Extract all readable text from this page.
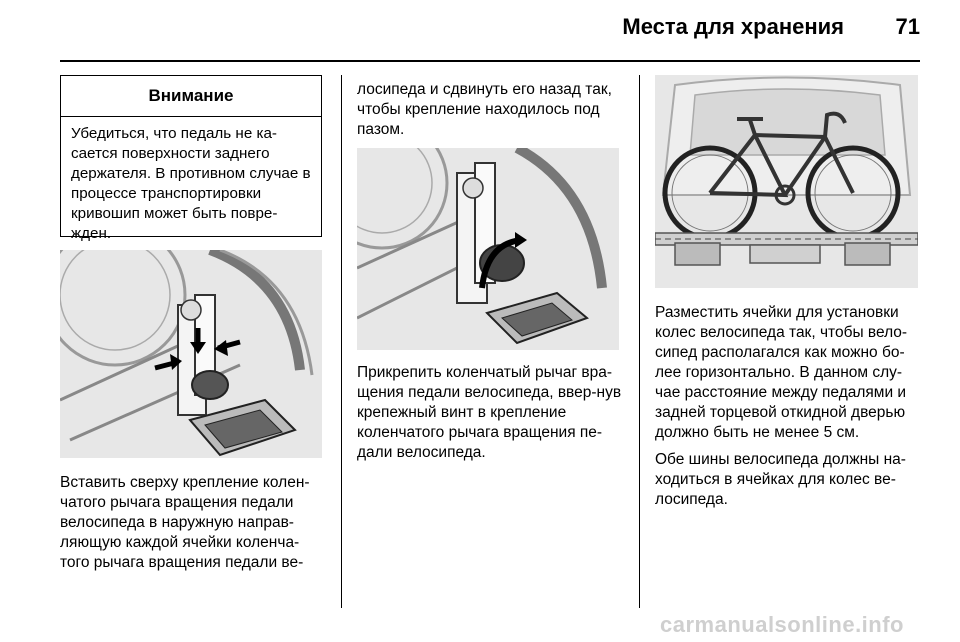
Места для хранения	71
Внимание
Убедиться, что педаль не ка-сается поверхности заднего держателя. В противном случае в процессе транспортировки кривошип может быть повре-жден.
Вставить сверху крепление колен-чатого рычага вращения педали велосипеда в наружную направ-ляющую каждой ячейки коленча-того рычага вращения педали ве-
лосипеда и сдвинуть его назад так, чтобы крепление находилось под пазом.
Прикрепить коленчатый рычаг вра-щения педали велосипеда, ввер-нув крепежный винт в крепление коленчатого рычага вращения пе-дали велосипеда.
Разместить ячейки для установки колес велосипеда так, чтобы вело-сипед располагался как можно бо-лее горизонтально. В данном слу-чае расстояние между педалями и задней торцевой откидной дверью должно быть не менее 5 см.
Обе шины велосипеда должны на-ходиться в ячейках для колес ве-лосипеда.
carmanualsonline.info
